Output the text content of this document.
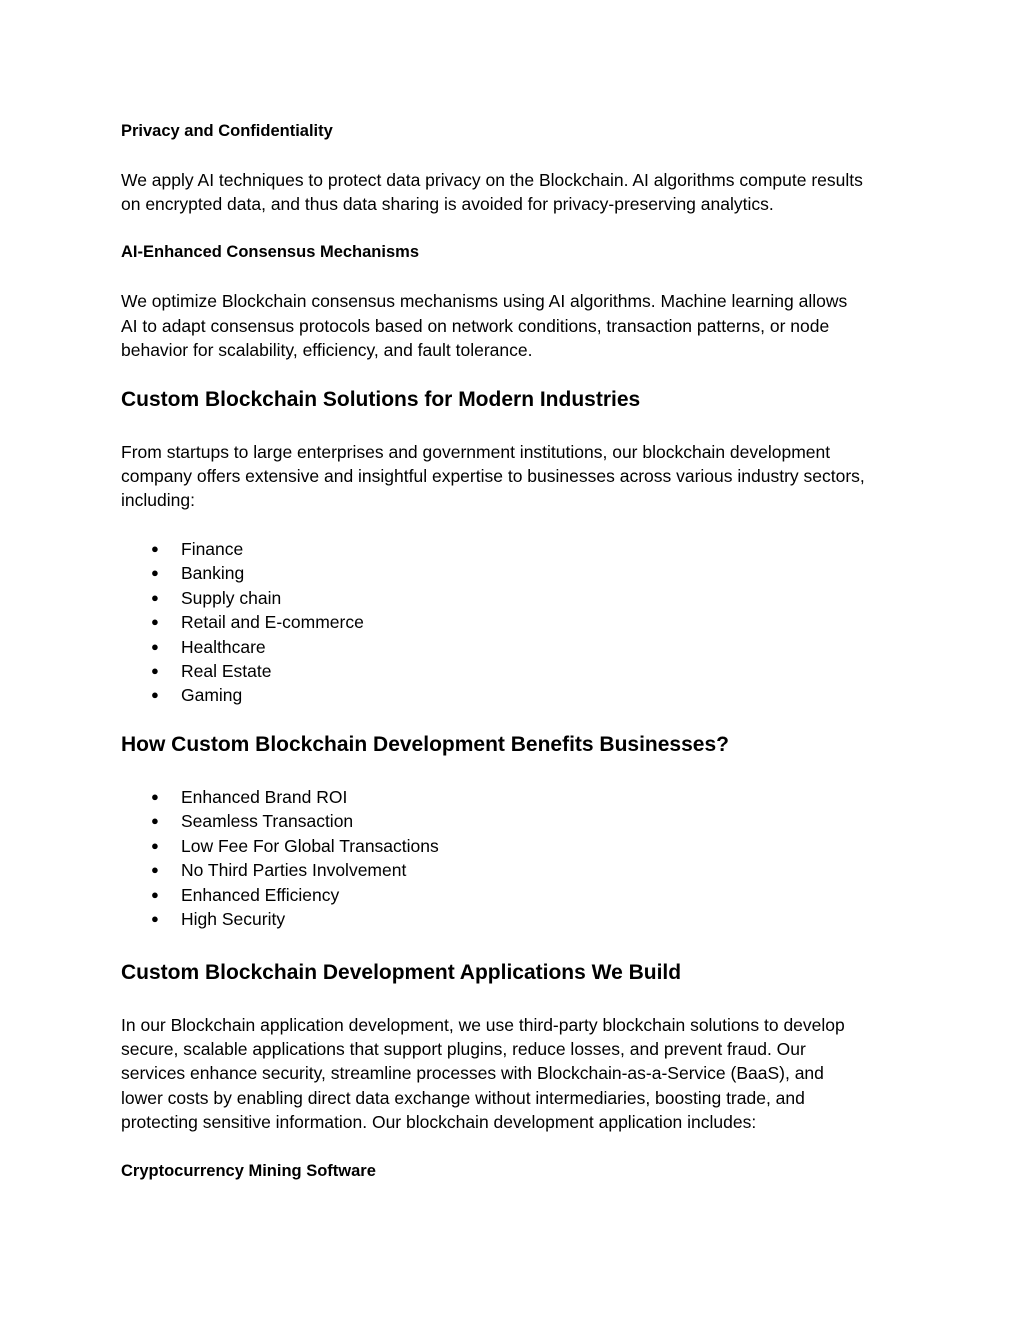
Privacy and Confidentiality
We apply AI techniques to protect data privacy on the Blockchain. AI algorithms compute results
on encrypted data, and thus data sharing is avoided for privacy-preserving analytics.
AI-Enhanced Consensus Mechanisms
We optimize Blockchain consensus mechanisms using AI algorithms. Machine learning allows
AI to adapt consensus protocols based on network conditions, transaction patterns, or node
behavior for scalability, efficiency, and fault tolerance.
Custom Blockchain Solutions for Modern Industries
From startups to large enterprises and government institutions, our blockchain development
company offers extensive and insightful expertise to businesses across various industry sectors,
including:
● Finance
● Banking
● Supply chain
● Retail and E-commerce
● Healthcare
● Real Estate
● Gaming
How Custom Blockchain Development Benefits Businesses?
● Enhanced Brand ROI
● Seamless Transaction
● Low Fee For Global Transactions
● No Third Parties Involvement
● Enhanced Efficiency
● High Security
Custom Blockchain Development Applications We Build
In our Blockchain application development, we use third-party blockchain solutions to develop
secure, scalable applications that support plugins, reduce losses, and prevent fraud. Our
services enhance security, streamline processes with Blockchain-as-a-Service (BaaS), and
lower costs by enabling direct data exchange without intermediaries, boosting trade, and
protecting sensitive information. Our blockchain development application includes:
Cryptocurrency Mining Software
